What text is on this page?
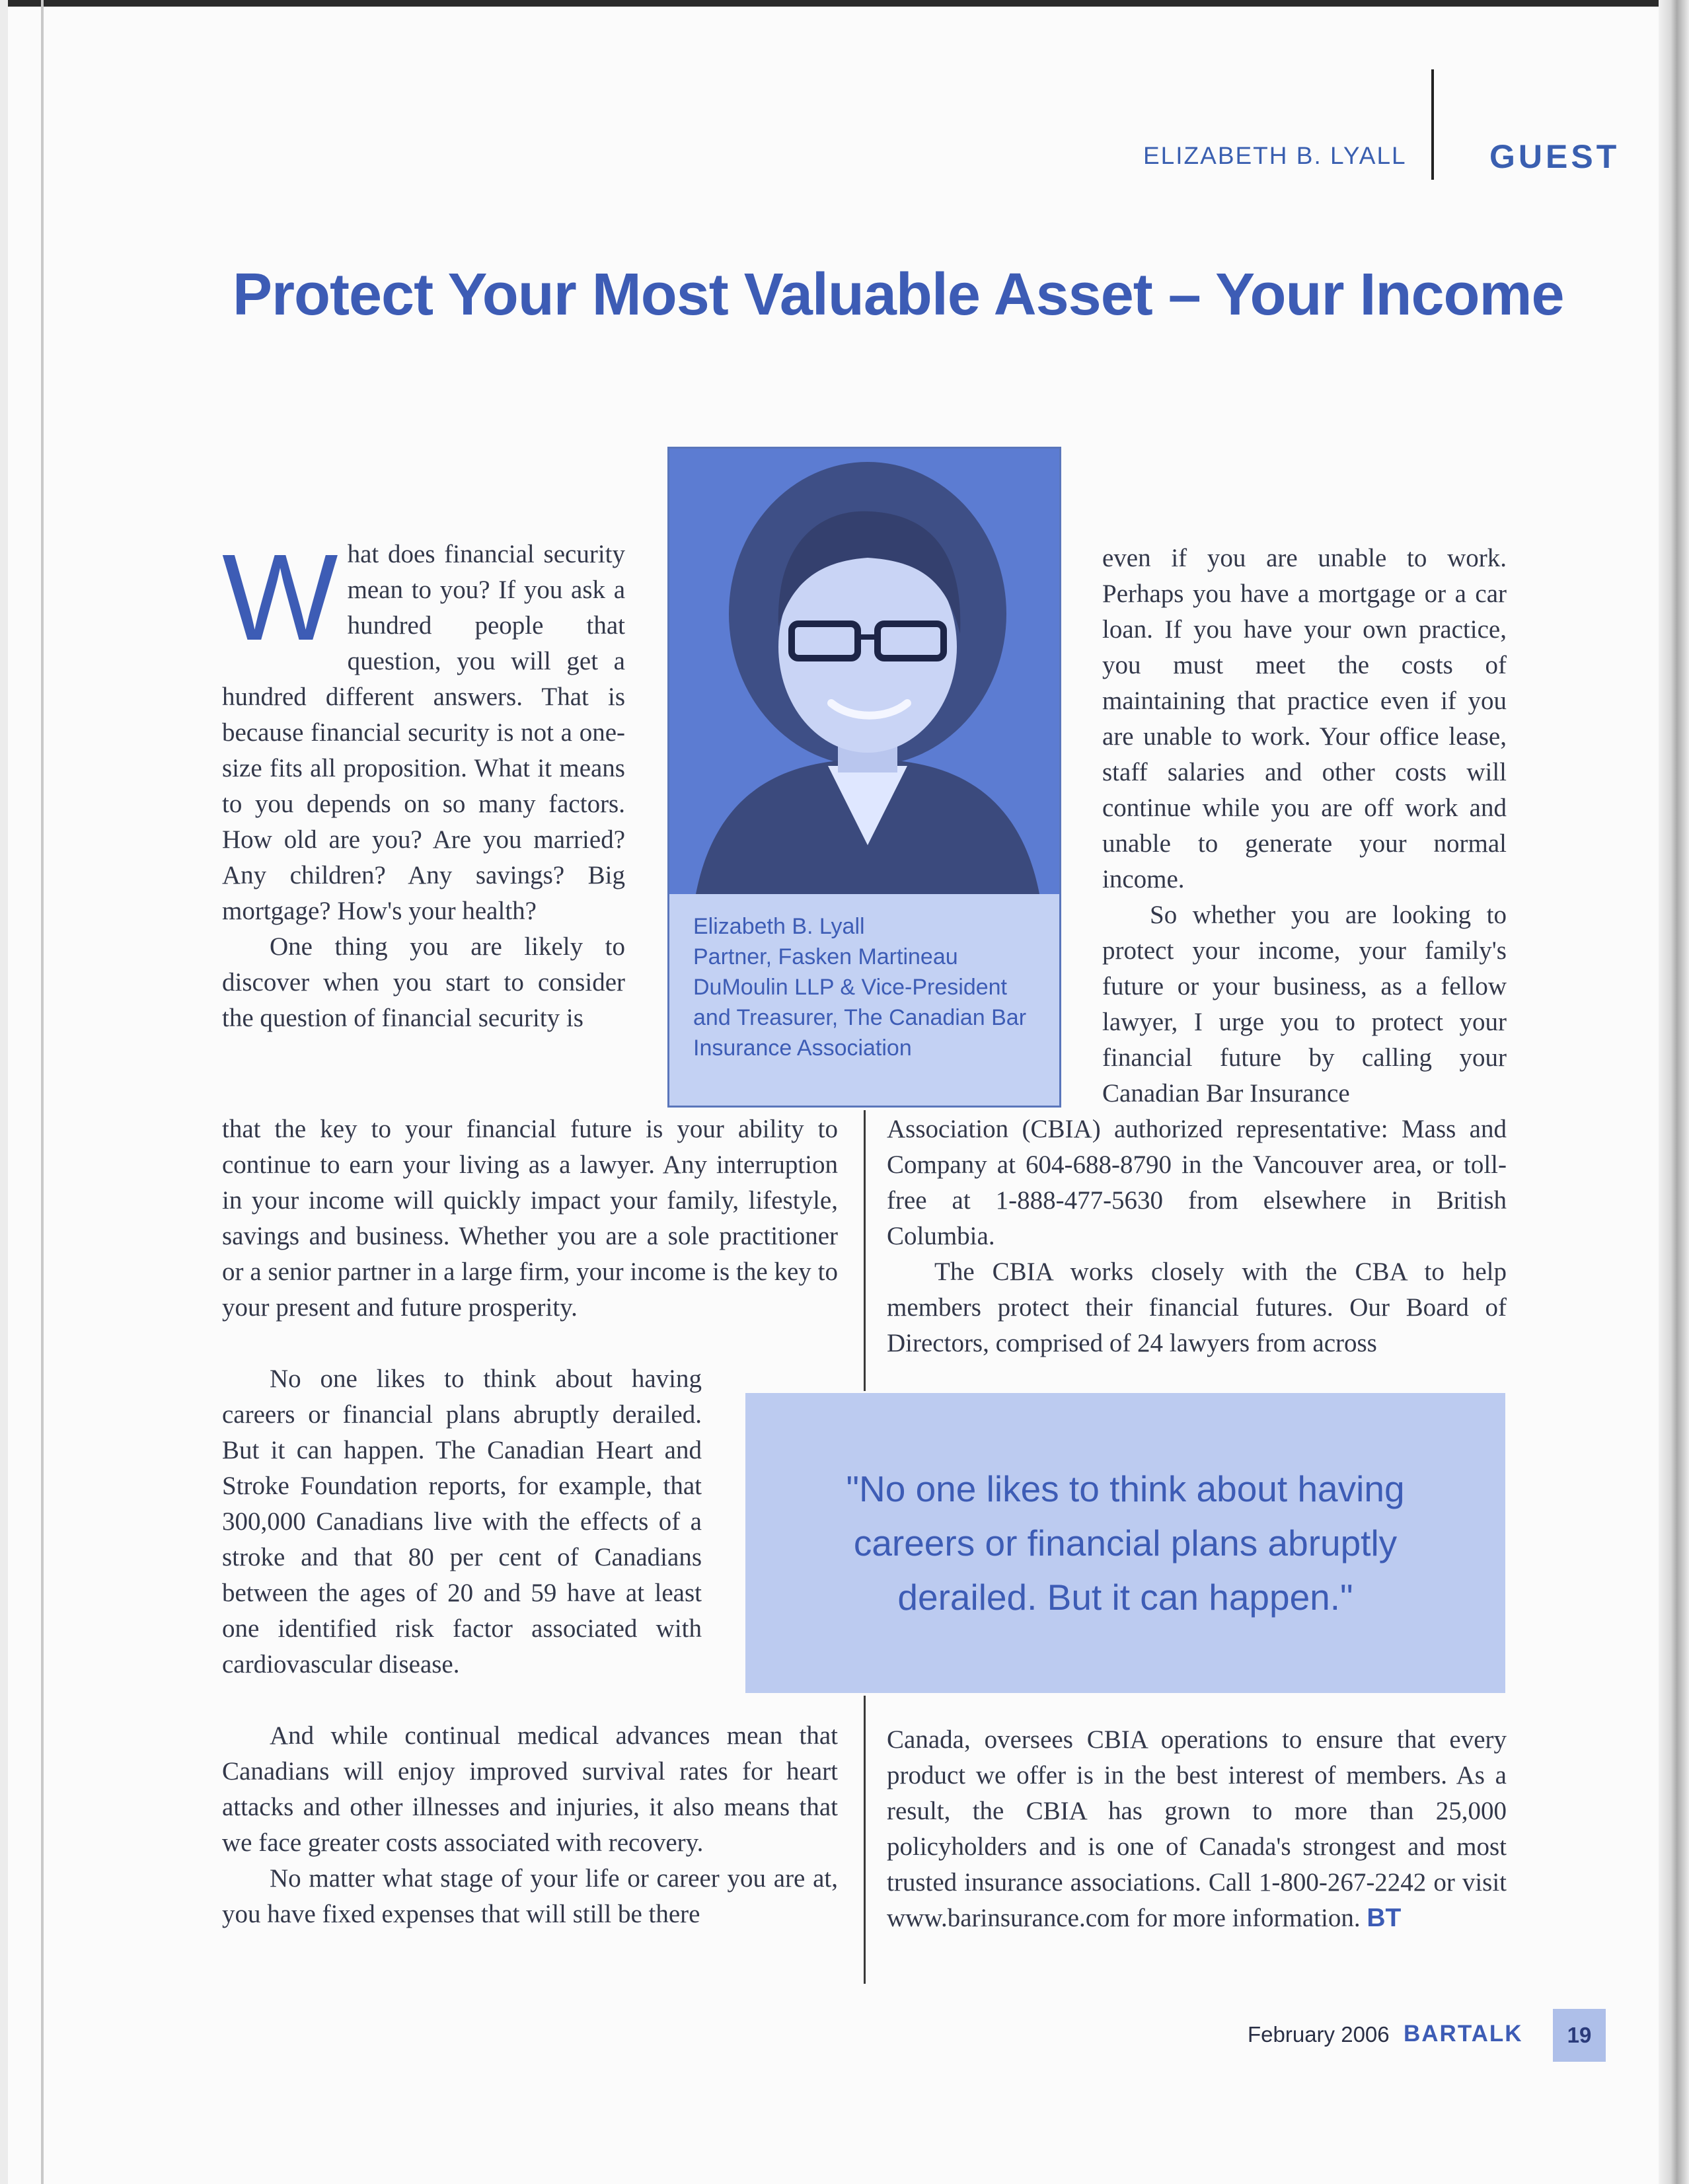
ELIZABETH B. LYALL	GUEST
Protect Your Most Valuable Asset – Your Income

What does financial security mean to you? If you ask a hundred people that question, you will get a hundred different answers. That is because financial security is not a one-size fits all proposition. What it means to you depends on so many factors. How old are you? Are you married? Any children? Any savings? Big mortgage? How's your health?

One thing you are likely to discover when you start to consider the question of financial security is

Elizabeth B. Lyall
Partner, Fasken Martineau DuMoulin LLP & Vice-President and Treasurer, The Canadian Bar Insurance Association

even if you are unable to work. Perhaps you have a mortgage or a car loan. If you have your own practice, you must meet the costs of maintaining that practice even if you are unable to work. Your office lease, staff salaries and other costs will continue while you are off work and unable to generate your normal income.

So whether you are looking to protect your income, your family's future or your business, as a fellow lawyer, I urge you to protect your financial future by calling your Canadian Bar Insurance

that the key to your financial future is your ability to continue to earn your living as a lawyer. Any interruption in your income will quickly impact your family, lifestyle, savings and business. Whether you are a sole practitioner or a senior partner in a large firm, your income is the key to your present and future prosperity.

No one likes to think about having careers or financial plans abruptly derailed. But it can happen. The Canadian Heart and Stroke Foundation reports, for example, that 300,000 Canadians live with the effects of a stroke and that 80 per cent of Canadians between the ages of 20 and 59 have at least one identified risk factor associated with cardiovascular disease.

Association (CBIA) authorized representative: Mass and Company at 604-688-8790 in the Vancouver area, or toll-free at 1-888-477-5630 from elsewhere in British Columbia.

The CBIA works closely with the CBA to help members protect their financial futures. Our Board of Directors, comprised of 24 lawyers from across

"No one likes to think about having careers or financial plans abruptly derailed. But it can happen."

And while continual medical advances mean that Canadians will enjoy improved survival rates for heart attacks and other illnesses and injuries, it also means that we face greater costs associated with recovery.

No matter what stage of your life or career you are at, you have fixed expenses that will still be there

Canada, oversees CBIA operations to ensure that every product we offer is in the best interest of members. As a result, the CBIA has grown to more than 25,000 policyholders and is one of Canada's strongest and most trusted insurance associations. Call 1-800-267-2242 or visit www.barinsurance.com for more information. BT

February 2006 BARTALK	19
